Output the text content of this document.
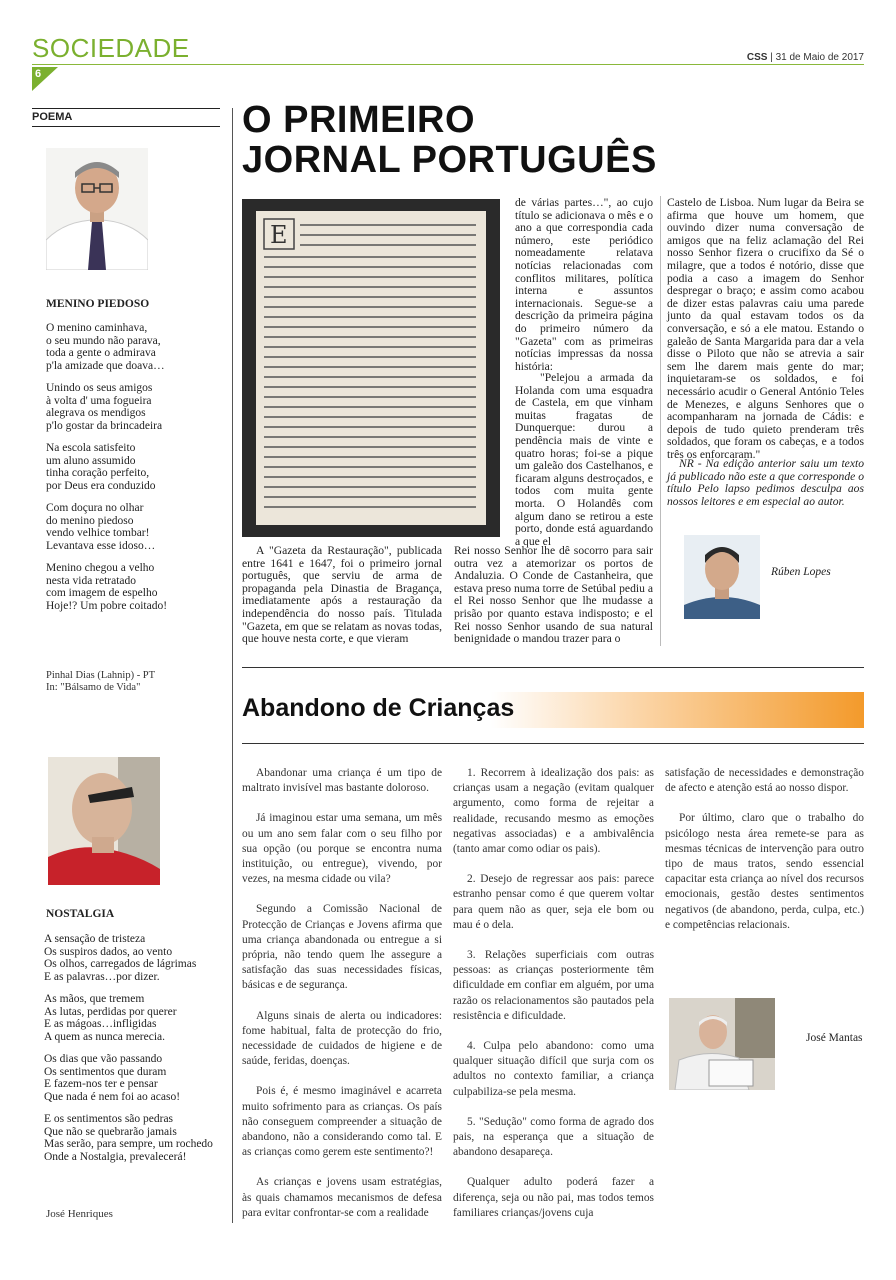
SOCIEDADE
6
CSS | 31 de Maio de 2017
POEMA
MENINO PIEDOSO
O menino caminhava,
o seu mundo não parava,
toda a gente o admirava
p'la amizade que doava…
Unindo os seus amigos
à volta d' uma fogueira
alegrava os mendigos
p'lo gostar da brincadeira
Na escola satisfeito
um aluno assumido
tinha coração perfeito,
por Deus era conduzido
Com doçura no olhar
do menino piedoso
vendo velhice tombar!
Levantava esse idoso…
Menino chegou a velho
nesta vida retratado
com imagem de espelho
Hoje!? Um pobre coitado!
Pinhal Dias (Lahnip) - PT
In: "Bálsamo de Vida"
NOSTALGIA
A sensação de tristeza
Os suspiros dados, ao vento
Os olhos, carregados de lágrimas
E as palavras…por dizer.
As mãos, que tremem
As lutas, perdidas por querer
E as mágoas…infligidas
A quem as nunca merecia.
Os dias que vão passando
Os sentimentos que duram
E fazem-nos ter e pensar
Que nada é nem foi ao acaso!
E os sentimentos são pedras
Que não se quebrarão jamais
Mas serão, para sempre, um rochedo
Onde a Nostalgia, prevalecerá!
José Henriques
O PRIMEIRO
JORNAL PORTUGUÊS
E
A "Gazeta da Restauração", publicada entre 1641 e 1647, foi o primeiro jornal português, que serviu de arma de propaganda pela Dinastia de Bragança, imediatamente após a restauração da independência do nosso país. Titulada "Gazeta, em que se relatam as novas todas, que houve nesta corte, e que vieram
de várias partes…", ao cujo título se adicionava o mês e o ano a que correspondia cada número, este periódico nomeadamente relatava notícias relacionadas com conflitos militares, política interna e assuntos internacionais. Segue-se a descrição da primeira página do primeiro número da "Gazeta" com as primeiras notícias impressas da nossa história:
"Pelejou a armada da Holanda com uma esquadra de Castela, em que vinham muitas fragatas de Dunquerque: durou a pendência mais de vinte e quatro horas; foi-se a pique um galeão dos Castelhanos, e ficaram alguns destroçados, e todos com muita gente morta. O Holandês com algum dano se retirou a este porto, donde está aguardando a que el
Rei nosso Senhor lhe dê socorro para sair outra vez a atemorizar os portos de Andaluzia. O Conde de Castanheira, que estava preso numa torre de Setúbal pediu a el Rei nosso Senhor que lhe mudasse a prisão por quanto estava indisposto; e el Rei nosso Senhor usando de sua natural benignidade o mandou trazer para o
Castelo de Lisboa. Num lugar da Beira se afirma que houve um homem, que ouvindo dizer numa conversação de amigos que na feliz aclamação del Rei nosso Senhor fizera o crucifixo da Sé o milagre, que a todos é notório, disse que podia a caso a imagem do Senhor despregar o braço; e assim como acabou de dizer estas palavras caiu uma parede junto da qual estavam todos os da conversação, e só a ele matou. Estando o galeão de Santa Margarida para dar a vela disse o Piloto que não se atrevia a sair sem lhe darem mais gente do mar; inquietaram-se os soldados, e foi necessário acudir o General António Teles de Menezes, e alguns Senhores que o acompanharam na jornada de Cádis: e depois de tudo quieto prenderam três soldados, que foram os cabeças, e a todos três os enforcaram."
NR - Na edição anterior saiu um texto já publicado não este a que corresponde o título Pelo lapso pedimos desculpa aos nossos leitores e em especial ao autor.
Rúben Lopes
Abandono de Crianças

Abandonar uma criança é um tipo de maltrato invisível mas bastante doloroso.

Já imaginou estar uma semana, um mês ou um ano sem falar com o seu filho por sua opção (ou porque se encontra numa instituição, ou entregue), vivendo, por vezes, na mesma cidade ou vila?

Segundo a Comissão Nacional de Protecção de Crianças e Jovens afirma que uma criança abandonada ou entregue a si própria, não tendo quem lhe assegure a satisfação das suas necessidades físicas, básicas e de segurança.

Alguns sinais de alerta ou indicadores: fome habitual, falta de protecção do frio, necessidade de cuidados de higiene e de saúde, feridas, doenças.

Pois é, é mesmo imaginável e acarreta muito sofrimento para as crianças. Os país não conseguem compreender a situação de abandono, não a considerando como tal. E as crianças como gerem este sentimento?!

As crianças e jovens usam estratégias, às quais chamamos mecanismos de defesa para evitar confrontar-se com a realidade

1. Recorrem à idealização dos pais: as crianças usam a negação (evitam qualquer argumento, como forma de rejeitar a realidade, recusando mesmo as emoções negativas associadas) e a ambivalência (tanto amar como odiar os pais).

2. Desejo de regressar aos pais: parece estranho pensar como é que querem voltar para quem não as quer, seja ele bom ou mau é o dela.

3. Relações superficiais com outras pessoas: as crianças posteriormente têm dificuldade em confiar em alguém, por uma razão os relacionamentos são pautados pela resistência e dificuldade.

4. Culpa pelo abandono: como uma qualquer situação difícil que surja com os adultos no contexto familiar, a criança culpabiliza-se pela mesma.

5. "Sedução" como forma de agrado dos pais, na esperança que a situação de abandono desapareça.

Qualquer adulto poderá fazer a diferença, seja ou não pai, mas todos temos familiares crianças/jovens cuja

satisfação de necessidades e demonstração de afecto e atenção está ao nosso dispor.

Por último, claro que o trabalho do psicólogo nesta área remete-se para as mesmas técnicas de intervenção para outro tipo de maus tratos, sendo essencial capacitar esta criança ao nível dos recursos emocionais, gestão destes sentimentos negativos (de abandono, perda, culpa, etc.) e competências relacionais.

José Mantas
